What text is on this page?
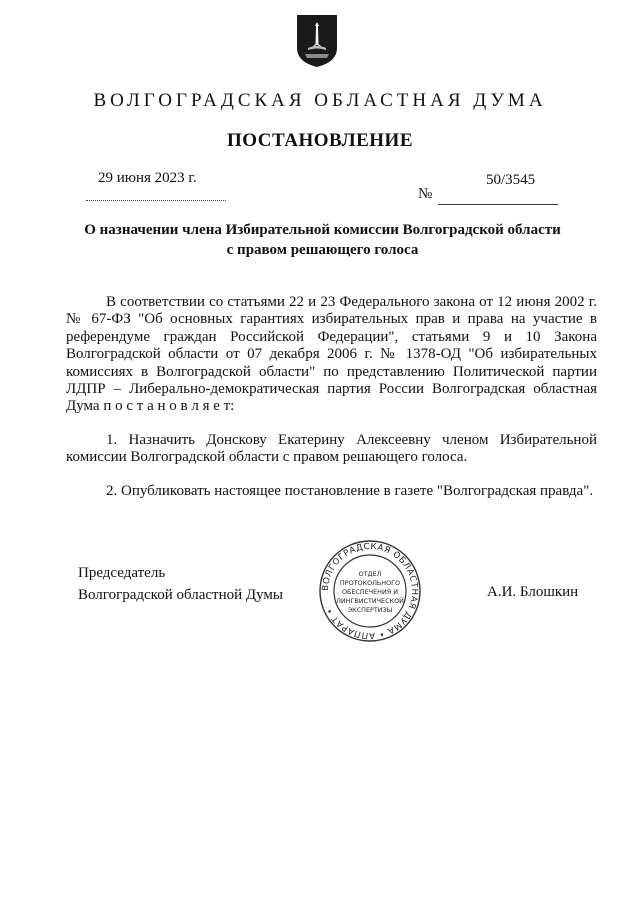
ВОЛГОГРАДСКАЯ ОБЛАСТНАЯ ДУМА
ПОСТАНОВЛЕНИЕ
29 июня 2023 г.
№
50/3545
О назначении члена Избирательной комиссии Волгоградской области
с правом решающего голоса
В соответствии со статьями 22 и 23 Федерального закона от 12 июня 2002 г. № 67-ФЗ "Об основных гарантиях избирательных прав и права на участие в референдуме граждан Российской Федерации", статьями 9 и 10 Закона Волгоградской области от 07 декабря 2006 г. № 1378-ОД "Об избирательных комиссиях в Волгоградской области" по представлению Политической партии ЛДПР – Либерально-демократическая партия России Волгоградская областная Дума п о с т а н о в л я е т:
1. Назначить Донскову Екатерину Алексеевну членом Избирательной комиссии Волгоградской области с правом решающего голоса.
2. Опубликовать настоящее постановление в газете "Волгоградская правда".
Председатель
Волгоградской областной Думы	А.И. Блошкин
ВОЛГОГРАДСКАЯ ОБЛАСТНАЯ ДУМА • АППАРАТ •
ОТДЕЛ
ПРОТОКОЛЬНОГО
ОБЕСПЕЧЕНИЯ И
ЛИНГВИСТИЧЕСКОЙ
ЭКСПЕРТИЗЫ
